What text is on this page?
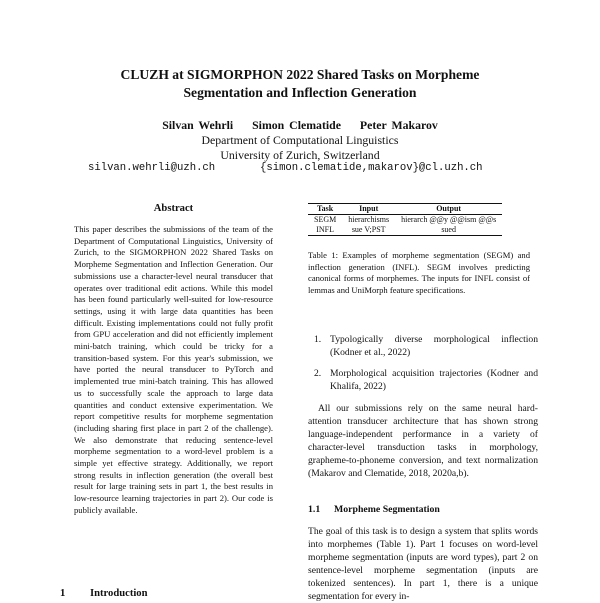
CLUZH at SIGMORPHON 2022 Shared Tasks on Morpheme
Segmentation and Inflection Generation
Silvan Wehrli Simon Clematide Peter Makarov
Department of Computational Linguistics
University of Zurich, Switzerland
silvan.wehrli@uzh.ch	{simon.clematide,makarov}@cl.uzh.ch
Abstract
This paper describes the submissions of the team of the Department of Computational Linguistics, University of Zurich, to the SIGMORPHON 2022 Shared Tasks on Morpheme Segmentation and Inflection Generation. Our submissions use a character-level neural transducer that operates over traditional edit actions. While this model has been found particularly well-suited for low-resource settings, using it with large data quantities has been difficult. Existing implementations could not fully profit from GPU acceleration and did not efficiently implement mini-batch training, which could be tricky for a transition-based system. For this year's submission, we have ported the neural transducer to PyTorch and implemented true mini-batch training. This has allowed us to successfully scale the approach to large data quantities and conduct extensive experimentation. We report competitive results for morpheme segmentation (including sharing first place in part 2 of the challenge). We also demonstrate that reducing sentence-level morpheme segmentation to a word-level problem is a simple yet effective strategy. Additionally, we report strong results in inflection generation (the overall best result for large training sets in part 1, the best results in low-resource learning trajectories in part 2). Our code is publicly available.
1 Introduction
Task	Input	Output
SEGM	hierarchisms	hierarch @@y @@ism @@s
INFL	sue V;PST	sued
Table 1: Examples of morpheme segmentation (SEGM) and inflection generation (INFL). SEGM involves predicting canonical forms of morphemes. The inputs for INFL consist of lemmas and UniMorph feature specifications.
1. Typologically diverse morphological inflection (Kodner et al., 2022)
2. Morphological acquisition trajectories (Kodner and Khalifa, 2022)
All our submissions rely on the same neural hard-attention transducer architecture that has shown strong language-independent performance in a variety of character-level transduction tasks in morphology, grapheme-to-phoneme conversion, and text normalization (Makarov and Clematide, 2018, 2020a,b).
1.1 Morpheme Segmentation
The goal of this task is to design a system that splits words into morphemes (Table 1). Part 1 focuses on word-level morpheme segmentation (inputs are word types), part 2 on sentence-level morpheme segmentation (inputs are tokenized sentences). In part 1, there is a unique segmentation for every in-
